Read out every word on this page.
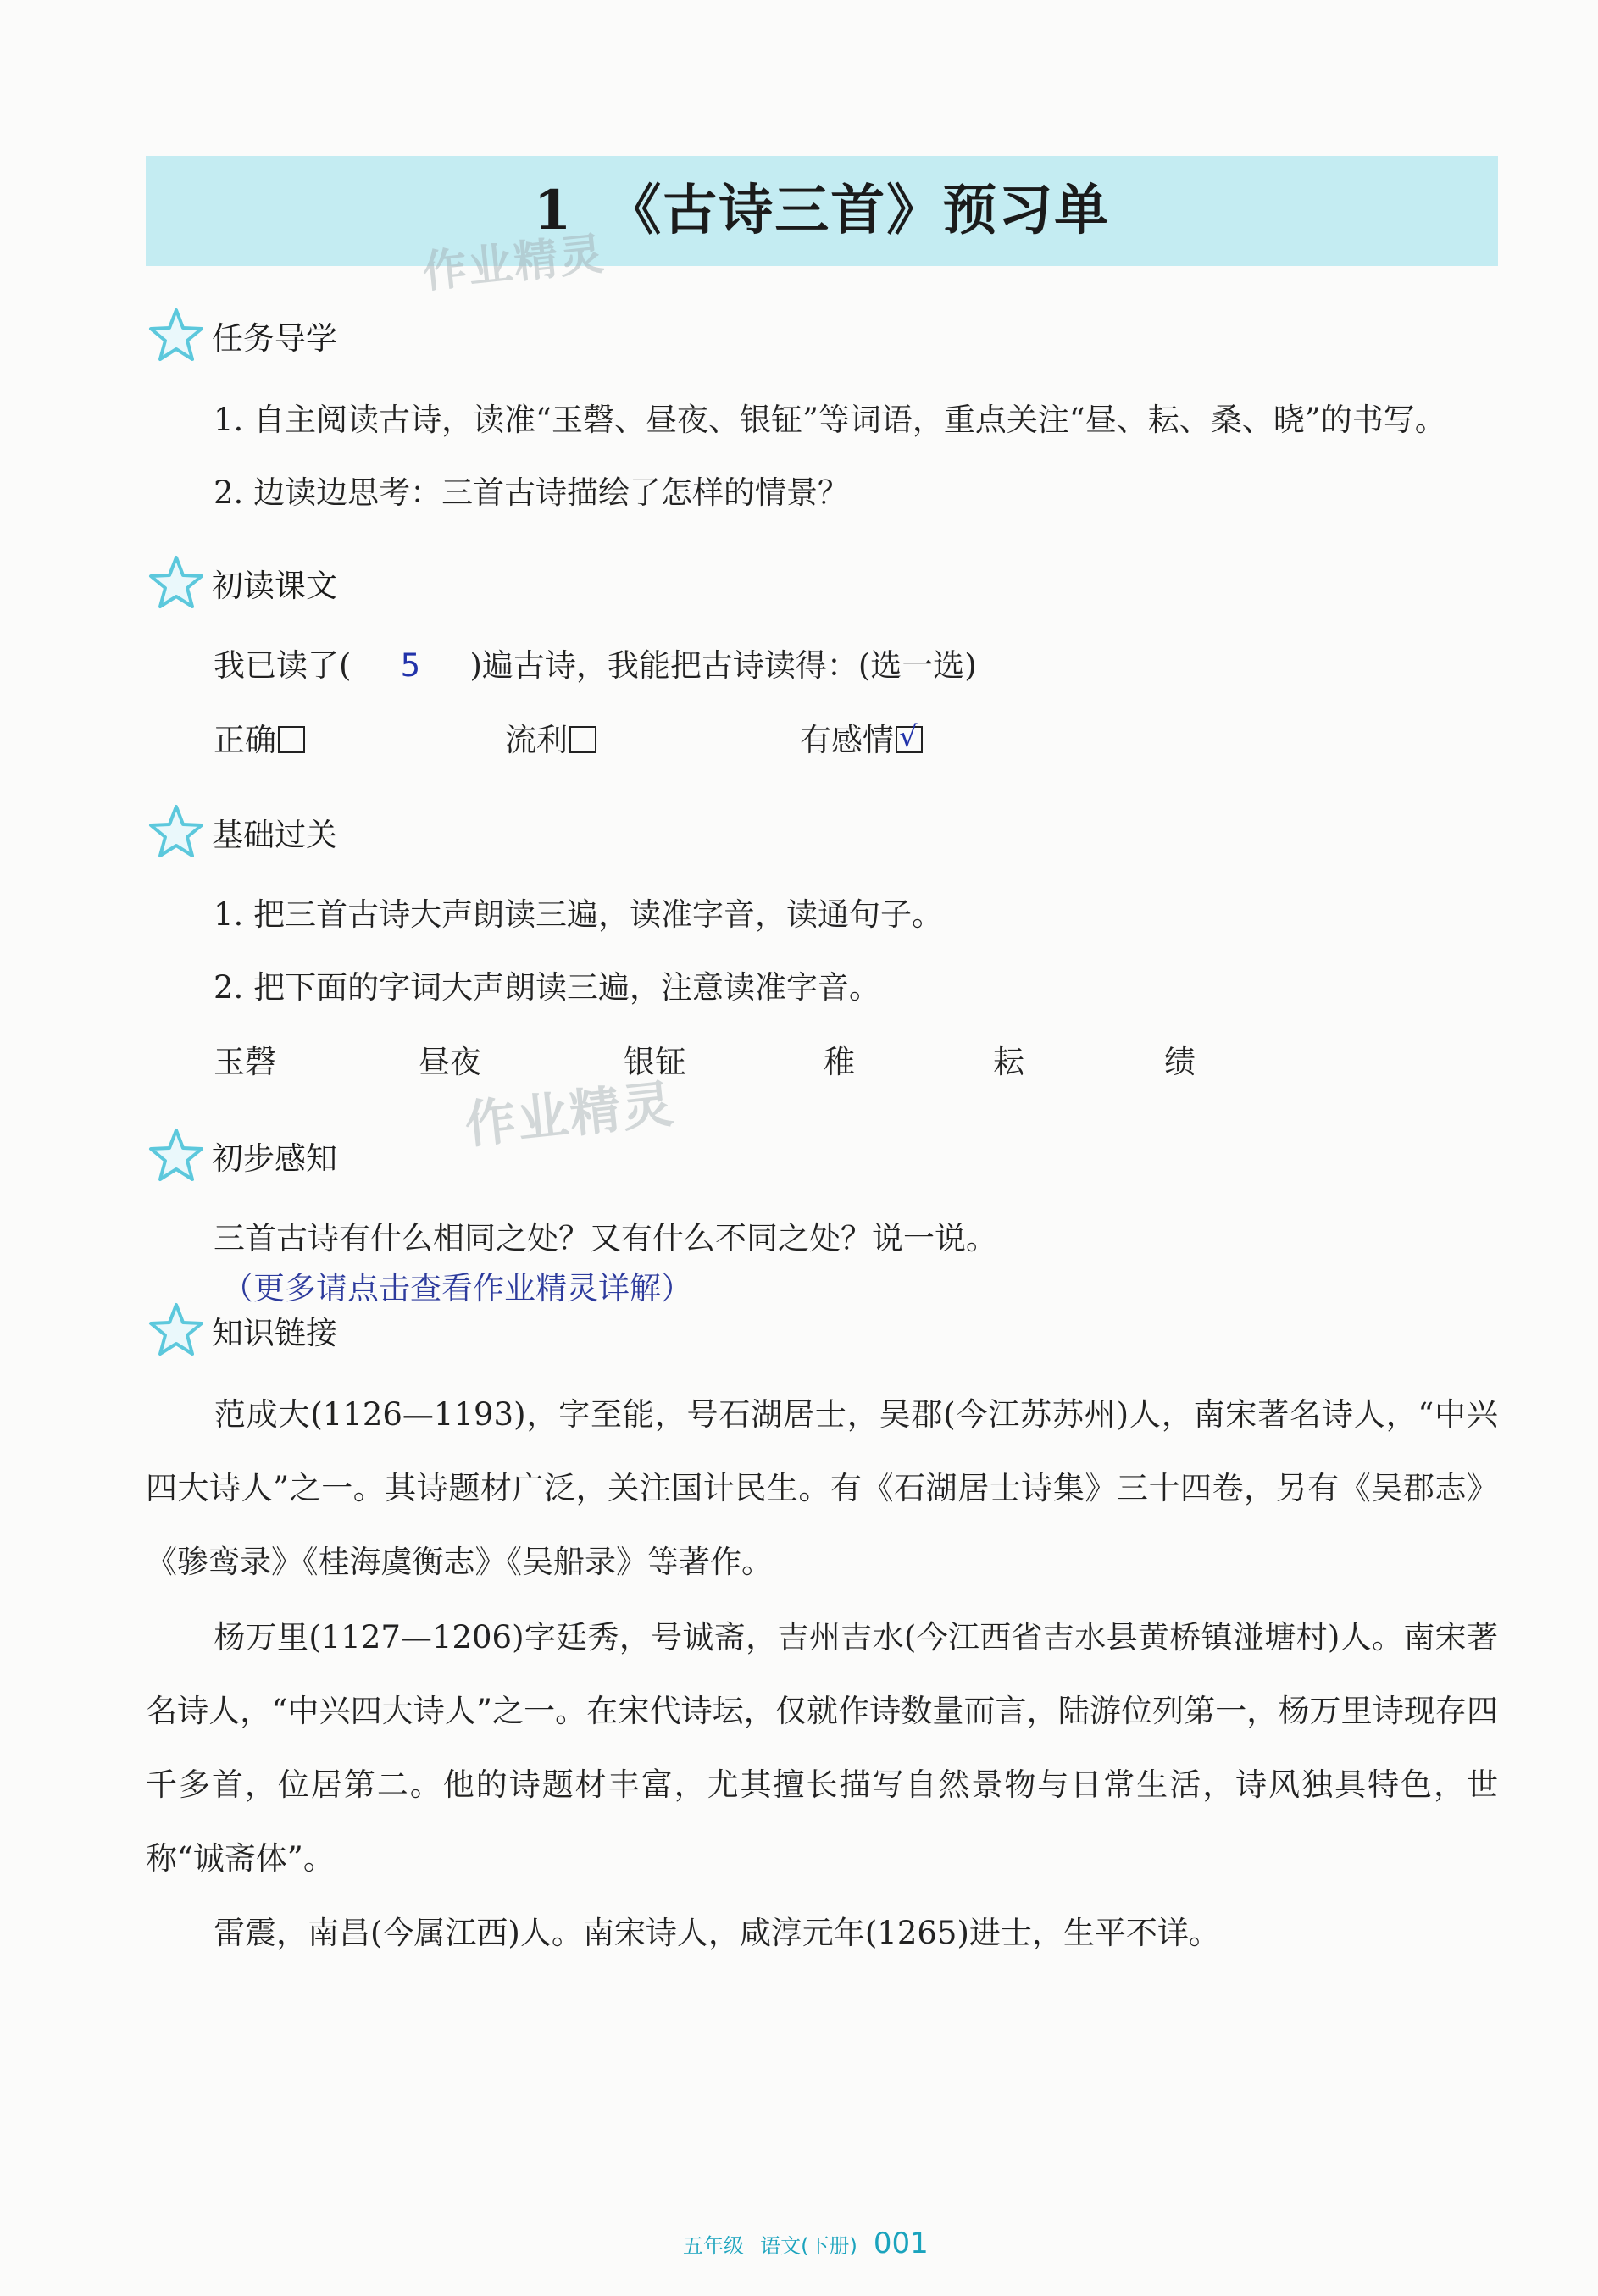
1 《古诗三首》预习单
作业精灵
任务导学
1. 自主阅读古诗，读准“玉磬、昼夜、银钲”等词语，重点关注“昼、耘、桑、晓”的书写。
2. 边读边思考：三首古诗描绘了怎样的情景？
初读课文
我已读了( 5 )遍古诗，我能把古诗读得：(选一选)
正确	流利	有感情 √
基础过关
1. 把三首古诗大声朗读三遍，读准字音，读通句子。
2. 把下面的字词大声朗读三遍，注意读准字音。
玉磬	昼夜	银钲	稚	耘	绩
作业精灵
初步感知
三首古诗有什么相同之处？又有什么不同之处？说一说。
（更多请点击查看作业精灵详解）
知识链接
范成大(1126—1193)，字至能，号石湖居士，吴郡(今江苏苏州)人，南宋著名诗人，“中兴四大诗人”之一。其诗题材广泛，关注国计民生。有《石湖居士诗集》三十四卷，另有《吴郡志》《骖鸾录》《桂海虞衡志》《吴船录》等著作。
杨万里(1127—1206)字廷秀，号诚斋，吉州吉水(今江西省吉水县黄桥镇湴塘村)人。南宋著名诗人，“中兴四大诗人”之一。在宋代诗坛，仅就作诗数量而言，陆游位列第一，杨万里诗现存四千多首，位居第二。他的诗题材丰富，尤其擅长描写自然景物与日常生活，诗风独具特色，世称“诚斋体”。
雷震，南昌(今属江西)人。南宋诗人，咸淳元年(1265)进士，生平不详。
五年级 语文(下册) 001
